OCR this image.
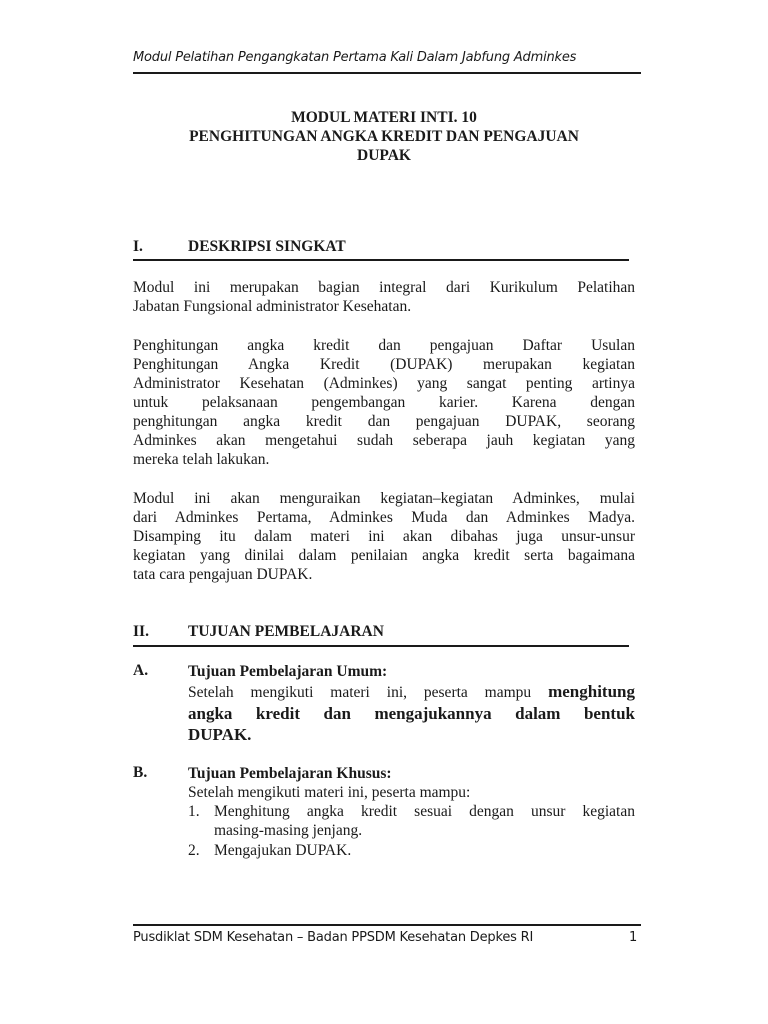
Modul Pelatihan Pengangkatan Pertama Kali Dalam Jabfung Adminkes
MODUL MATERI INTI. 10
PENGHITUNGAN ANGKA KREDIT DAN PENGAJUAN
DUPAK
I.	DESKRIPSI SINGKAT
Modul ini merupakan bagian integral dari Kurikulum Pelatihan
Jabatan Fungsional administrator Kesehatan.
Penghitungan angka kredit dan pengajuan Daftar Usulan
Penghitungan Angka Kredit (DUPAK) merupakan kegiatan
Administrator Kesehatan (Adminkes) yang sangat penting artinya
untuk pelaksanaan pengembangan karier. Karena dengan
penghitungan angka kredit dan pengajuan DUPAK, seorang
Adminkes akan mengetahui sudah seberapa jauh kegiatan yang
mereka telah lakukan.
Modul ini akan menguraikan kegiatan–kegiatan Adminkes, mulai
dari Adminkes Pertama, Adminkes Muda dan Adminkes Madya.
Disamping itu dalam materi ini akan dibahas juga unsur-unsur
kegiatan yang dinilai dalam penilaian angka kredit serta bagaimana
tata cara pengajuan DUPAK.
II.	TUJUAN PEMBELAJARAN
A.	Tujuan Pembelajaran Umum:
Setelah mengikuti materi ini, peserta mampu menghitung
angka kredit dan mengajukannya dalam bentuk
DUPAK.
B.	Tujuan Pembelajaran Khusus:
Setelah mengikuti materi ini, peserta mampu:
1. Menghitung angka kredit sesuai dengan unsur kegiatan
masing-masing jenjang.
2. Mengajukan DUPAK.
Pusdiklat SDM Kesehatan – Badan PPSDM Kesehatan Depkes RI	1
